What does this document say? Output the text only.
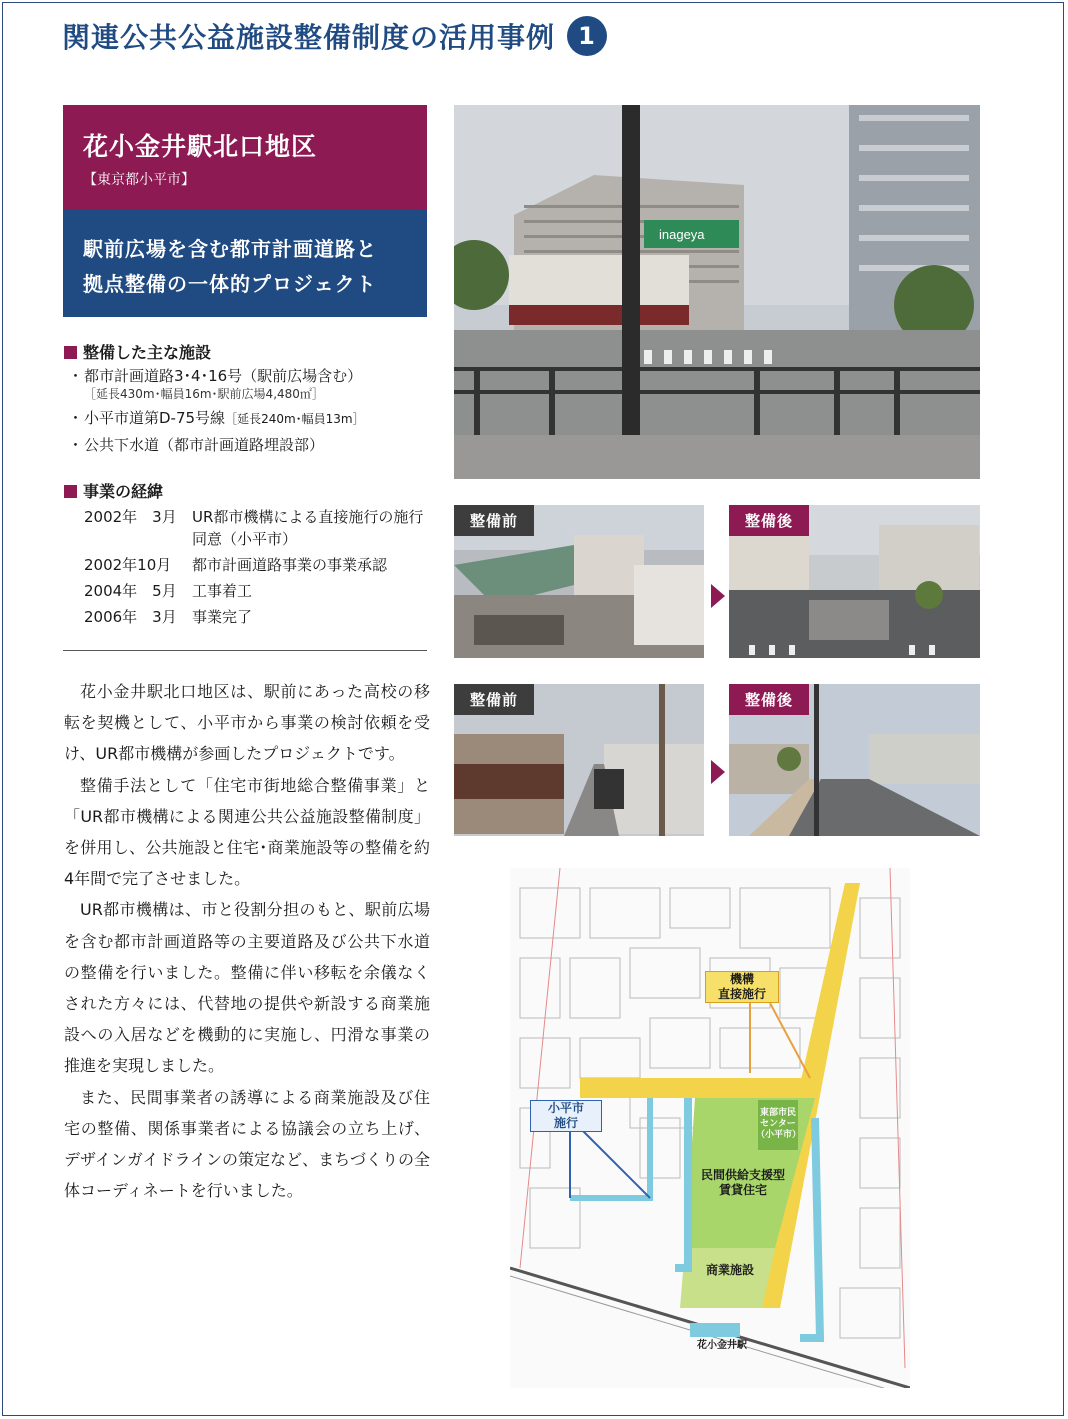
関連公共公益施設整備制度の活用事例 1
花小金井駅北口地区
【東京都小平市】
駅前広場を含む都市計画道路と
拠点整備の一体的プロジェクト
整備した主な施設
・ 都市計画道路3･4･16号（駅前広場含む）
［延長430m･幅員16m･駅前広場4,480㎡］
・ 小平市道第D-75号線［延長240m･幅員13m］
・ 公共下水道（都市計画道路埋設部）
事業の経緯
2002年　3月	UR都市機構による直接施行の施行同意（小平市）
2002年10月	都市計画道路事業の事業承認
2004年　5月	工事着工
2006年　3月	事業完了

花小金井駅北口地区は、駅前にあった高校の移転を契機として、小平市から事業の検討依頼を受け、UR都市機構が参画したプロジェクトです。

整備手法として「住宅市街地総合整備事業」と「UR都市機構による関連公共公益施設整備制度」を併用し、公共施設と住宅･商業施設等の整備を約4年間で完了させました。

UR都市機構は、市と役割分担のもと、駅前広場を含む都市計画道路等の主要道路及び公共下水道の整備を行いました。整備に伴い移転を余儀なくされた方々には、代替地の提供や新設する商業施設への入居などを機動的に実施し、円滑な事業の推進を実現しました。

また、民間事業者の誘導による商業施設及び住宅の整備、関係事業者による協議会の立ち上げ、デザインガイドラインの策定など、まちづくりの全体コーディネートを行いました。

inageya
整備前	整備後
整備前	整備後
機構
直接施行
小平市
施行
東部市民センター（小平市）
民間供給支援型
賃貸住宅
商業施設
花小金井駅
